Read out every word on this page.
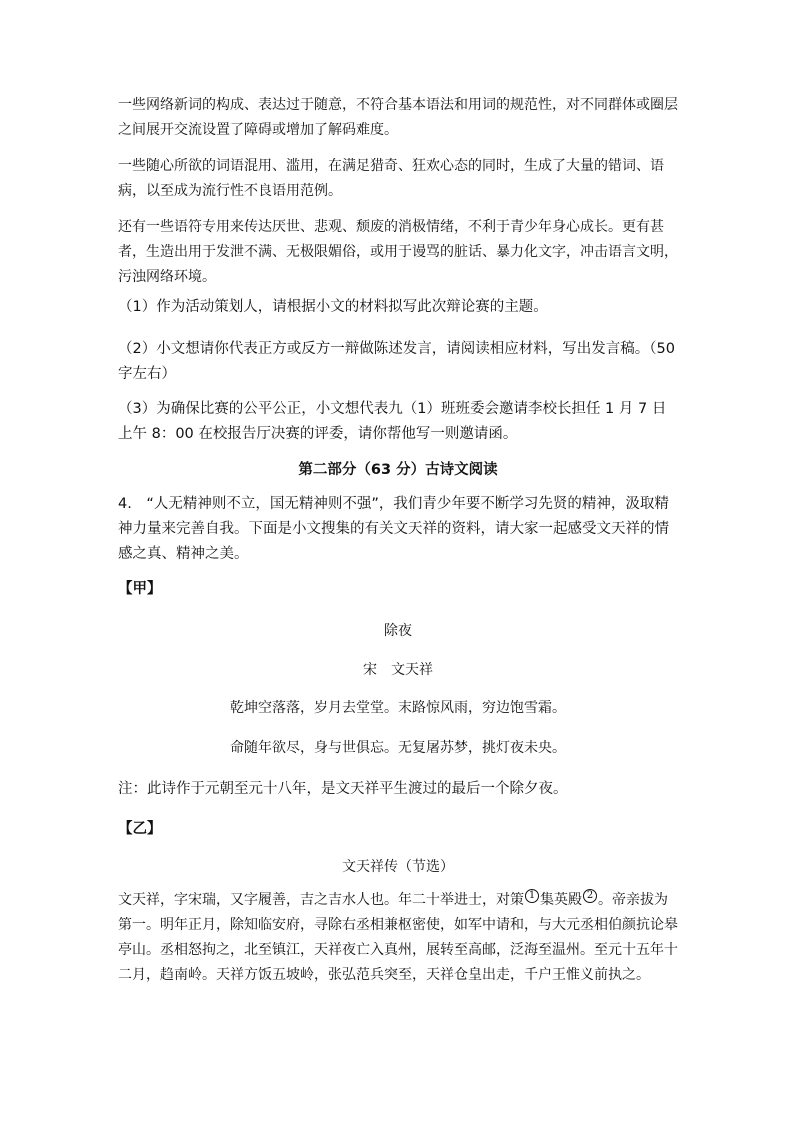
一些网络新词的构成、表达过于随意，不符合基本语法和用词的规范性，对不同群体或圈层之间展开交流设置了障碍或增加了解码难度。

一些随心所欲的词语混用、滥用，在满足猎奇、狂欢心态的同时，生成了大量的错词、语病，以至成为流行性不良语用范例。

还有一些语符专用来传达厌世、悲观、颓废的消极情绪，不利于青少年身心成长。更有甚者，生造出用于发泄不满、无极限媚俗，或用于谩骂的脏话、暴力化文字，冲击语言文明，污浊网络环境。

（1）作为活动策划人，请根据小文的材料拟写此次辩论赛的主题。

（2）小文想请你代表正方或反方一辩做陈述发言，请阅读相应材料，写出发言稿。（50字左右）

（3）为确保比赛的公平公正，小文想代表九（1）班班委会邀请李校长担任 1 月 7 日上午 8：00 在校报告厅决赛的评委，请你帮他写一则邀请函。

第二部分（63 分）古诗文阅读

4.　“人无精神则不立，国无精神则不强”，我们青少年要不断学习先贤的精神，汲取精神力量来完善自我。下面是小文搜集的有关文天祥的资料，请大家一起感受文天祥的情感之真、精神之美。

【甲】

除夜

宋　文天祥

乾坤空落落，岁月去堂堂。末路惊风雨，穷边饱雪霜。

命随年欲尽，身与世俱忘。无复屠苏梦，挑灯夜未央。

注：此诗作于元朝至元十八年，是文天祥平生渡过的最后一个除夕夜。

【乙】

文天祥传（节选）

文天祥，字宋瑞，又字履善，吉之吉水人也。年二十举进士，对策 $^1$ 集英殿 $^2$ 。帝亲拔为第一。明年正月，除知临安府，寻除右丞相兼枢密使，如军中请和，与大元丞相伯颜抗论皋亭山。丞相怒拘之，北至镇江，天祥夜亡入真州，展转至高邮，泛海至温州。至元十五年十二月，趋南岭。天祥方饭五坡岭，张弘范兵突至，天祥仓皇出走，千户王惟义前执之。
